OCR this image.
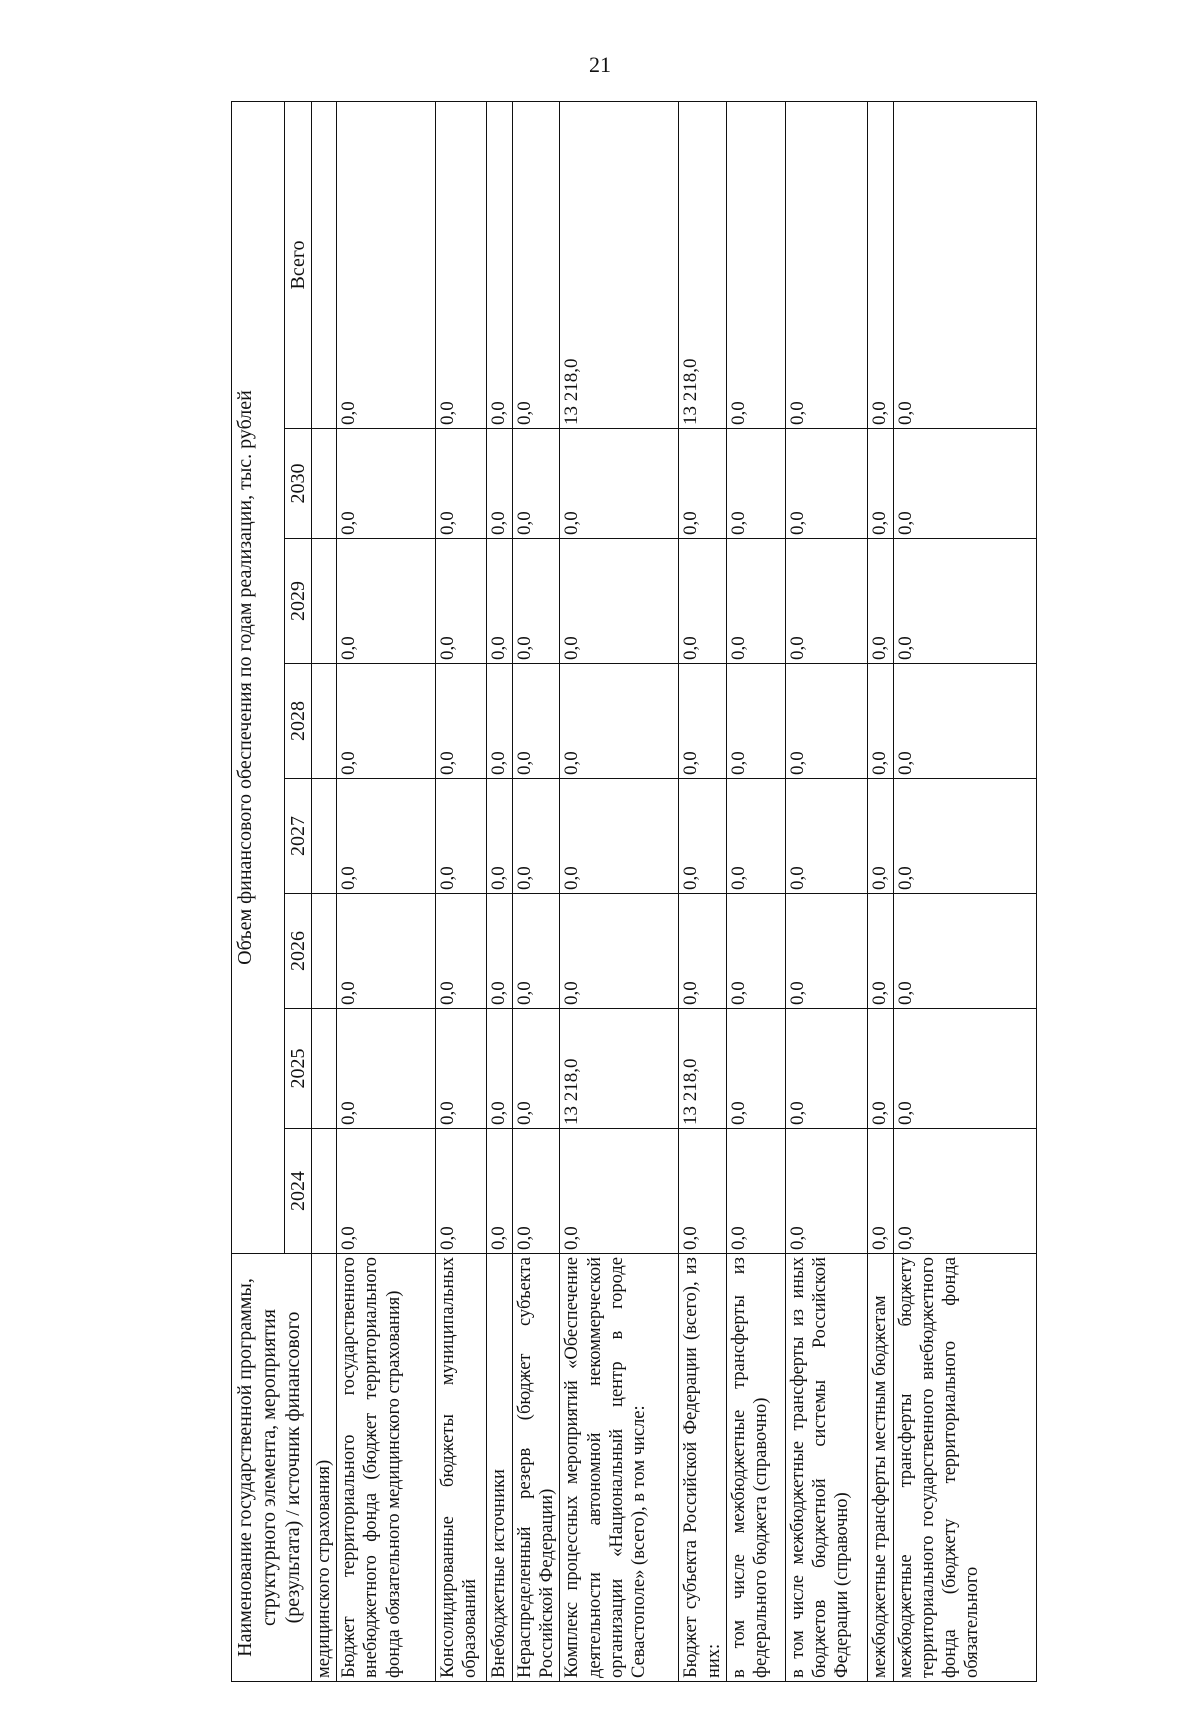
21
Наименование государственной программы, структурного элемента, мероприятия (результата) / источник финансового	Объем финансового обеспечения по годам реализации, тыс. рублей							
	2024	2025	2026	2027	2028	2029	2030	Всего
медицинского страхования)								
Бюджет территориального государственного внебюджетного фонда (бюджет территориального фонда обязательного медицинского страхования)	0,0	0,0	0,0	0,0	0,0	0,0	0,0	0,0
Консолидированные бюджеты муниципальных образований	0,0	0,0	0,0	0,0	0,0	0,0	0,0	0,0
Внебюджетные источники	0,0	0,0	0,0	0,0	0,0	0,0	0,0	0,0
Нераспределенный резерв (бюджет субъекта Российской Федерации)	0,0	0,0	0,0	0,0	0,0	0,0	0,0	0,0
Комплекс процессных мероприятий «Обеспечение деятельности автономной некоммерческой организации «Национальный центр в городе Севастополе» (всего), в том числе:	0,0	13 218,0	0,0	0,0	0,0	0,0	0,0	13 218,0
Бюджет субъекта Российской Федерации (всего), из них:	0,0	13 218,0	0,0	0,0	0,0	0,0	0,0	13 218,0
в том числе межбюджетные трансферты из федерального бюджета (справочно)	0,0	0,0	0,0	0,0	0,0	0,0	0,0	0,0
в том числе межбюджетные трансферты из иных бюджетов бюджетной системы Российской Федерации (справочно)	0,0	0,0	0,0	0,0	0,0	0,0	0,0	0,0
межбюджетные трансферты местным бюджетам	0,0	0,0	0,0	0,0	0,0	0,0	0,0	0,0
межбюджетные трансферты бюджету территориального государственного внебюджетного фонда (бюджету территориального фонда обязательного	0,0	0,0	0,0	0,0	0,0	0,0	0,0	0,0
